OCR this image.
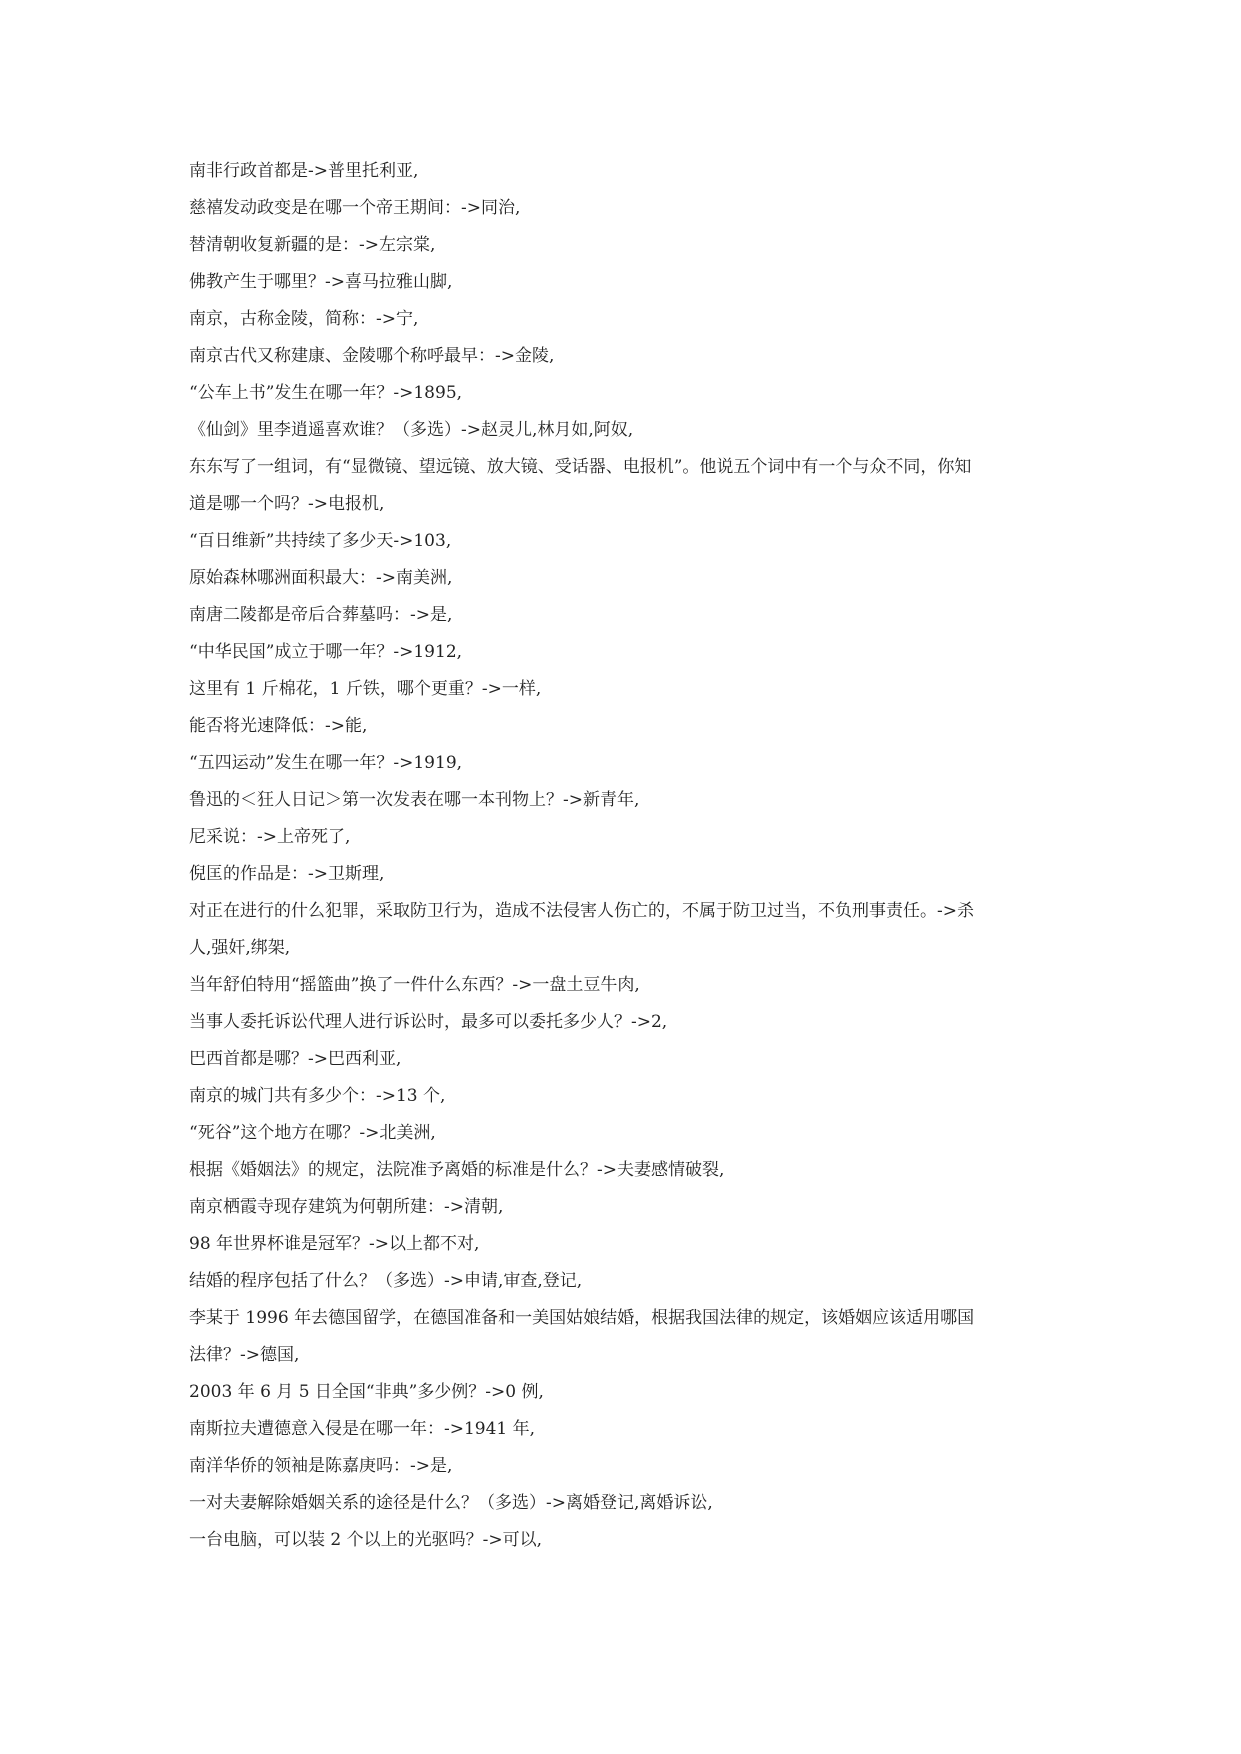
南非行政首都是->普里托利亚,
慈禧发动政变是在哪一个帝王期间：->同治,
替清朝收复新疆的是：->左宗棠,
佛教产生于哪里？->喜马拉雅山脚,
南京，古称金陵，简称：->宁,
南京古代又称建康、金陵哪个称呼最早：->金陵,
“公车上书”发生在哪一年？->1895,
《仙剑》里李逍遥喜欢谁？（多选）->赵灵儿,林月如,阿奴,
东东写了一组词，有“显微镜、望远镜、放大镜、受话器、电报机”。他说五个词中有一个与众不同，你知
道是哪一个吗？->电报机,
“百日维新”共持续了多少天->103,
原始森林哪洲面积最大：->南美洲,
南唐二陵都是帝后合葬墓吗：->是,
“中华民国”成立于哪一年？->1912,
这里有 1 斤棉花，1 斤铁，哪个更重？->一样,
能否将光速降低：->能,
“五四运动”发生在哪一年？->1919,
鲁迅的＜狂人日记＞第一次发表在哪一本刊物上？->新青年,
尼采说：->上帝死了,
倪匡的作品是：->卫斯理,
对正在进行的什么犯罪，采取防卫行为，造成不法侵害人伤亡的，不属于防卫过当，不负刑事责任。->杀
人,强奸,绑架,
当年舒伯特用“摇篮曲”换了一件什么东西？->一盘土豆牛肉,
当事人委托诉讼代理人进行诉讼时，最多可以委托多少人？->2,
巴西首都是哪？->巴西利亚,
南京的城门共有多少个：->13 个,
“死谷”这个地方在哪？->北美洲,
根据《婚姻法》的规定，法院准予离婚的标准是什么？->夫妻感情破裂,
南京栖霞寺现存建筑为何朝所建：->清朝,
98 年世界杯谁是冠军？->以上都不对,
结婚的程序包括了什么？（多选）->申请,审查,登记,
李某于 1996 年去德国留学，在德国准备和一美国姑娘结婚，根据我国法律的规定，该婚姻应该适用哪国
法律？->德国,
2003 年 6 月 5 日全国“非典”多少例？->0 例,
南斯拉夫遭德意入侵是在哪一年：->1941 年,
南洋华侨的领袖是陈嘉庚吗：->是,
一对夫妻解除婚姻关系的途径是什么？（多选）->离婚登记,离婚诉讼,
一台电脑，可以装 2 个以上的光驱吗？->可以,
